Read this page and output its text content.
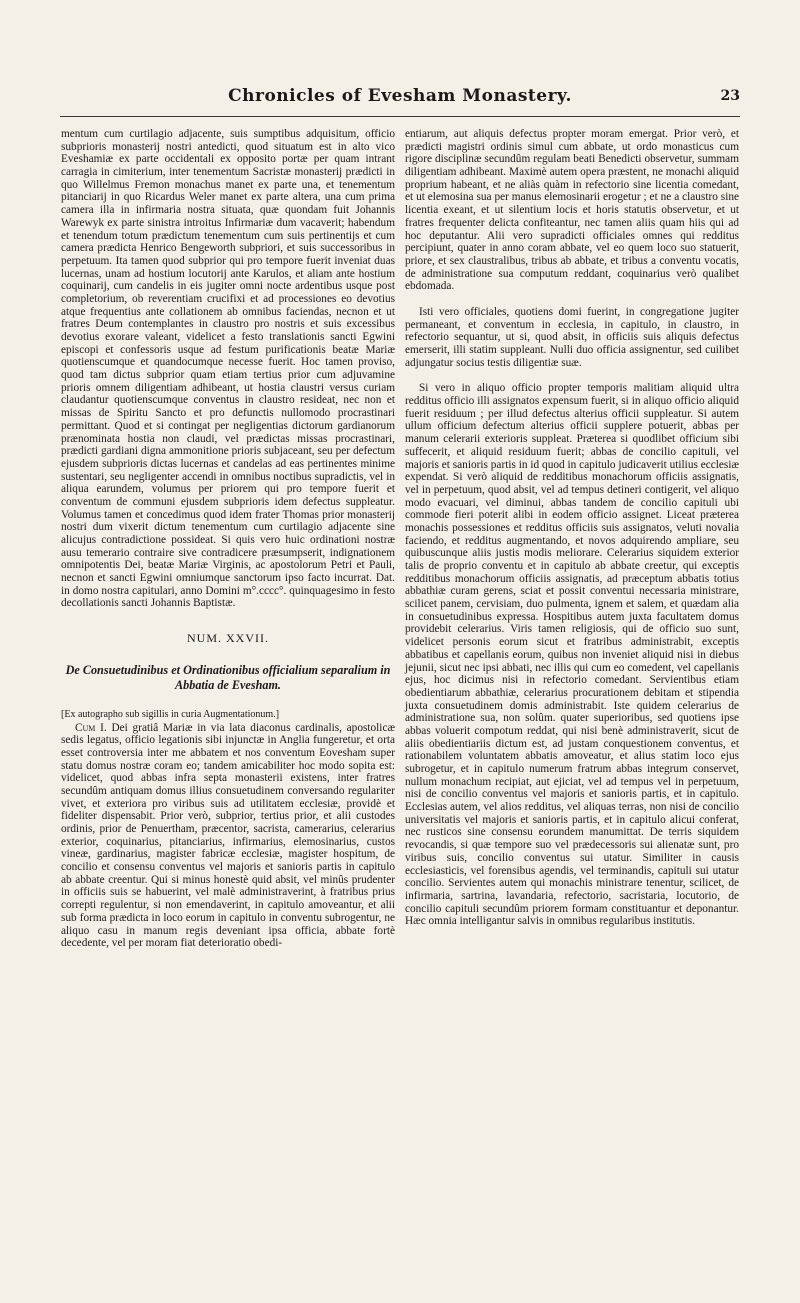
Chronicles of Evesham Monastery.	23

mentum cum curtilagio adjacente, suis sumptibus adquisitum, officio subprioris monasterij nostri antedicti, quod situatum est in alto vico Eveshamiæ ex parte occidentali ex opposito portæ per quam intrant carragia in cimiterium, inter tenementum Sacristæ monasterij prædicti in quo Willelmus Fremon monachus manet ex parte una, et tenementum pitanciarij in quo Ricardus Weler manet ex parte altera, una cum prima camera illa in infirmaria nostra situata, quæ quondam fuit Johannis Warewyk ex parte sinistra introitus Infirmariæ dum vacaverit; habendum et tenendum totum prædictum tenementum cum suis pertinentijs et cum camera prædicta Henrico Bengeworth subpriori, et suis successoribus in perpetuum. Ita tamen quod subprior qui pro tempore fuerit inveniat duas lucernas, unam ad hostium locutorij ante Karulos, et aliam ante hostium coquinarij, cum candelis in eis jugiter omni nocte ardentibus usque post completorium, ob reverentiam crucifixi et ad processiones eo devotius atque frequentius ante collationem ab omnibus faciendas, necnon et ut fratres Deum contemplantes in claustro pro nostris et suis excessibus devotius exorare valeant, videlicet a festo translationis sancti Egwini episcopi et confessoris usque ad festum purificationis beatæ Mariæ quotienscumque et quandocumque necesse fuerit. Hoc tamen proviso, quod tam dictus subprior quam etiam tertius prior cum adjuvamine prioris omnem diligentiam adhibeant, ut hostia claustri versus curiam claudantur quotienscumque conventus in claustro resideat, nec non et missas de Spiritu Sancto et pro defunctis nullomodo procrastinari permittant. Quod et si contingat per negligentias dictorum gardianorum prænominata hostia non claudi, vel prædictas missas procrastinari, prædicti gardiani digna ammonitione prioris subjaceant, seu per defectum ejusdem subprioris dictas lucernas et candelas ad eas pertinentes minime sustentari, seu negligenter accendi in omnibus noctibus supradictis, vel in aliqua earundem, volumus per priorem qui pro tempore fuerit et conventum de communi ejusdem subprioris idem defectus suppleatur. Volumus tamen et concedimus quod idem frater Thomas prior monasterij nostri dum vixerit dictum tenementum cum curtilagio adjacente sine alicujus contradictione possideat. Si quis vero huic ordinationi nostræ ausu temerario contraire sive contradicere præsumpserit, indignationem omnipotentis Dei, beatæ Mariæ Virginis, ac apostolorum Petri et Pauli, necnon et sancti Egwini omniumque sanctorum ipso facto incurrat. Dat. in domo nostra capitulari, anno Domini m°.cccc°. quinquagesimo in festo decollationis sancti Johannis Baptistæ.

NUM. XXVII.
De Consuetudinibus et Ordinationibus officialium separalium in Abbatia de Evesham.

[Ex autographo sub sigillis in curia Augmentationum.]

Cum I. Dei gratiâ Mariæ in via lata diaconus cardinalis, apostolicæ sedis legatus, officio legationis sibi injunctæ in Anglia fungeretur, et orta esset controversia inter me abbatem et nos conventum Eovesham super statu domus nostræ coram eo; tandem amicabiliter hoc modo sopita est: videlicet, quod abbas infra septa monasterii existens, inter fratres secundûm antiquam domus illius consuetudinem conversando regulariter vivet, et exteriora pro viribus suis ad utilitatem ecclesiæ, providè et fideliter dispensabit. Prior verò, subprior, tertius prior, et alii custodes ordinis, prior de Penuertham, præcentor, sacrista, camerarius, celerarius exterior, coquinarius, pitanciarius, infirmarius, elemosinarius, custos vineæ, gardinarius, magister fabricæ ecclesiæ, magister hospitum, de concilio et consensu conventus vel majoris et sanioris partis in capitulo ab abbate creentur. Qui si minus honestè quid absit, vel minûs prudenter in officiis suis se habuerint, vel malè administraverint, à fratribus prius correpti regulentur, si non emendaverint, in capitulo amoveantur, et alii sub forma prædicta in loco eorum in capitulo in conventu subrogentur, ne aliquo casu in manum regis deveniant ipsa officia, abbate fortè decedente, vel per moram fiat deterioratio obedi-

entiarum, aut aliquis defectus propter moram emergat. Prior verò, et prædicti magistri ordinis simul cum abbate, ut ordo monasticus cum rigore disciplinæ secundûm regulam beati Benedicti observetur, summam diligentiam adhibeant. Maximè autem opera præstent, ne monachi aliquid proprium habeant, et ne aliàs quàm in refectorio sine licentia comedant, et ut elemosina sua per manus elemosinarii erogetur ; et ne a claustro sine licentia exeant, et ut silentium locis et horis statutis observetur, et ut fratres frequenter delicta confiteantur, nec tamen aliis quam hiis qui ad hoc deputantur. Alii vero supradicti officiales omnes qui redditus percipiunt, quater in anno coram abbate, vel eo quem loco suo statuerit, priore, et sex claustralibus, tribus ab abbate, et tribus a conventu vocatis, de administratione sua computum reddant, coquinarius verò qualibet ebdomada.

Isti vero officiales, quotiens domi fuerint, in congregatione jugiter permaneant, et conventum in ecclesia, in capitulo, in claustro, in refectorio sequantur, ut si, quod absit, in officiis suis aliquis defectus emerserit, illi statim suppleant. Nulli duo officia assignentur, sed cuilibet adjungatur socius testis diligentiæ suæ.

Si vero in aliquo officio propter temporis malitiam aliquid ultra redditus officio illi assignatos expensum fuerit, si in aliquo officio aliquid fuerit residuum ; per illud defectus alterius officii suppleatur. Si autem ullum officium defectum alterius officii supplere potuerit, abbas per manum celerarii exterioris suppleat. Præterea si quodlibet officium sibi suffecerit, et aliquid residuum fuerit; abbas de concilio capituli, vel majoris et sanioris partis in id quod in capitulo judicaverit utilius ecclesiæ expendat. Si verò aliquid de redditibus monachorum officiis assignatis, vel in perpetuum, quod absit, vel ad tempus detineri contigerit, vel aliquo modo evacuari, vel diminui, abbas tandem de concilio capituli ubi commode fieri poterit alibi in eodem officio assignet. Liceat præterea monachis possessiones et redditus officiis suis assignatos, veluti novalia faciendo, et redditus augmentando, et novos adquirendo ampliare, seu quibuscunque aliis justis modis meliorare. Celerarius siquidem exterior talis de proprio conventu et in capitulo ab abbate creetur, qui exceptis redditibus monachorum officiis assignatis, ad præceptum abbatis totius abbathiæ curam gerens, sciat et possit conventui necessaria ministrare, scilicet panem, cervisiam, duo pulmenta, ignem et salem, et quædam alia in consuetudinibus expressa. Hospitibus autem juxta facultatem domus providebit celerarius. Viris tamen religiosis, qui de officio suo sunt, videlicet personis eorum sicut et fratribus administrabit, exceptis abbatibus et capellanis eorum, quibus non inveniet aliquid nisi in diebus jejunii, sicut nec ipsi abbati, nec illis qui cum eo comedent, vel capellanis ejus, hoc dicimus nisi in refectorio comedant. Servientibus etiam obedientiarum abbathiæ, celerarius procurationem debitam et stipendia juxta consuetudinem domis administrabit. Iste quidem celerarius de administratione sua, non solûm. quater superioribus, sed quotiens ipse abbas voluerit compotum reddat, qui nisi benè administraverit, sicut de aliis obedientiariis dictum est, ad justam conquestionem conventus, et rationabilem voluntatem abbatis amoveatur, et alius statim loco ejus subrogetur, et in capitulo numerum fratrum abbas integrum conservet, nullum monachum recipiat, aut ejiciat, vel ad tempus vel in perpetuum, nisi de concilio conventus vel majoris et sanioris partis, et in capitulo. Ecclesias autem, vel alios redditus, vel aliquas terras, non nisi de concilio universitatis vel majoris et sanioris partis, et in capitulo alicui conferat, nec rusticos sine consensu eorundem manumittat. De terris siquidem revocandis, si quæ tempore suo vel prædecessoris sui alienatæ sunt, pro viribus suis, concilio conventus sui utatur. Similiter in causis ecclesiasticis, vel forensibus agendis, vel terminandis, capituli sui utatur concilio. Servientes autem qui monachis ministrare tenentur, scilicet, de infirmaria, sartrina, lavandaria, refectorio, sacristaria, locutorio, de concilio capituli secundûm priorem formam constituantur et deponantur. Hæc omnia intelligantur salvis in omnibus regularibus institutis.
